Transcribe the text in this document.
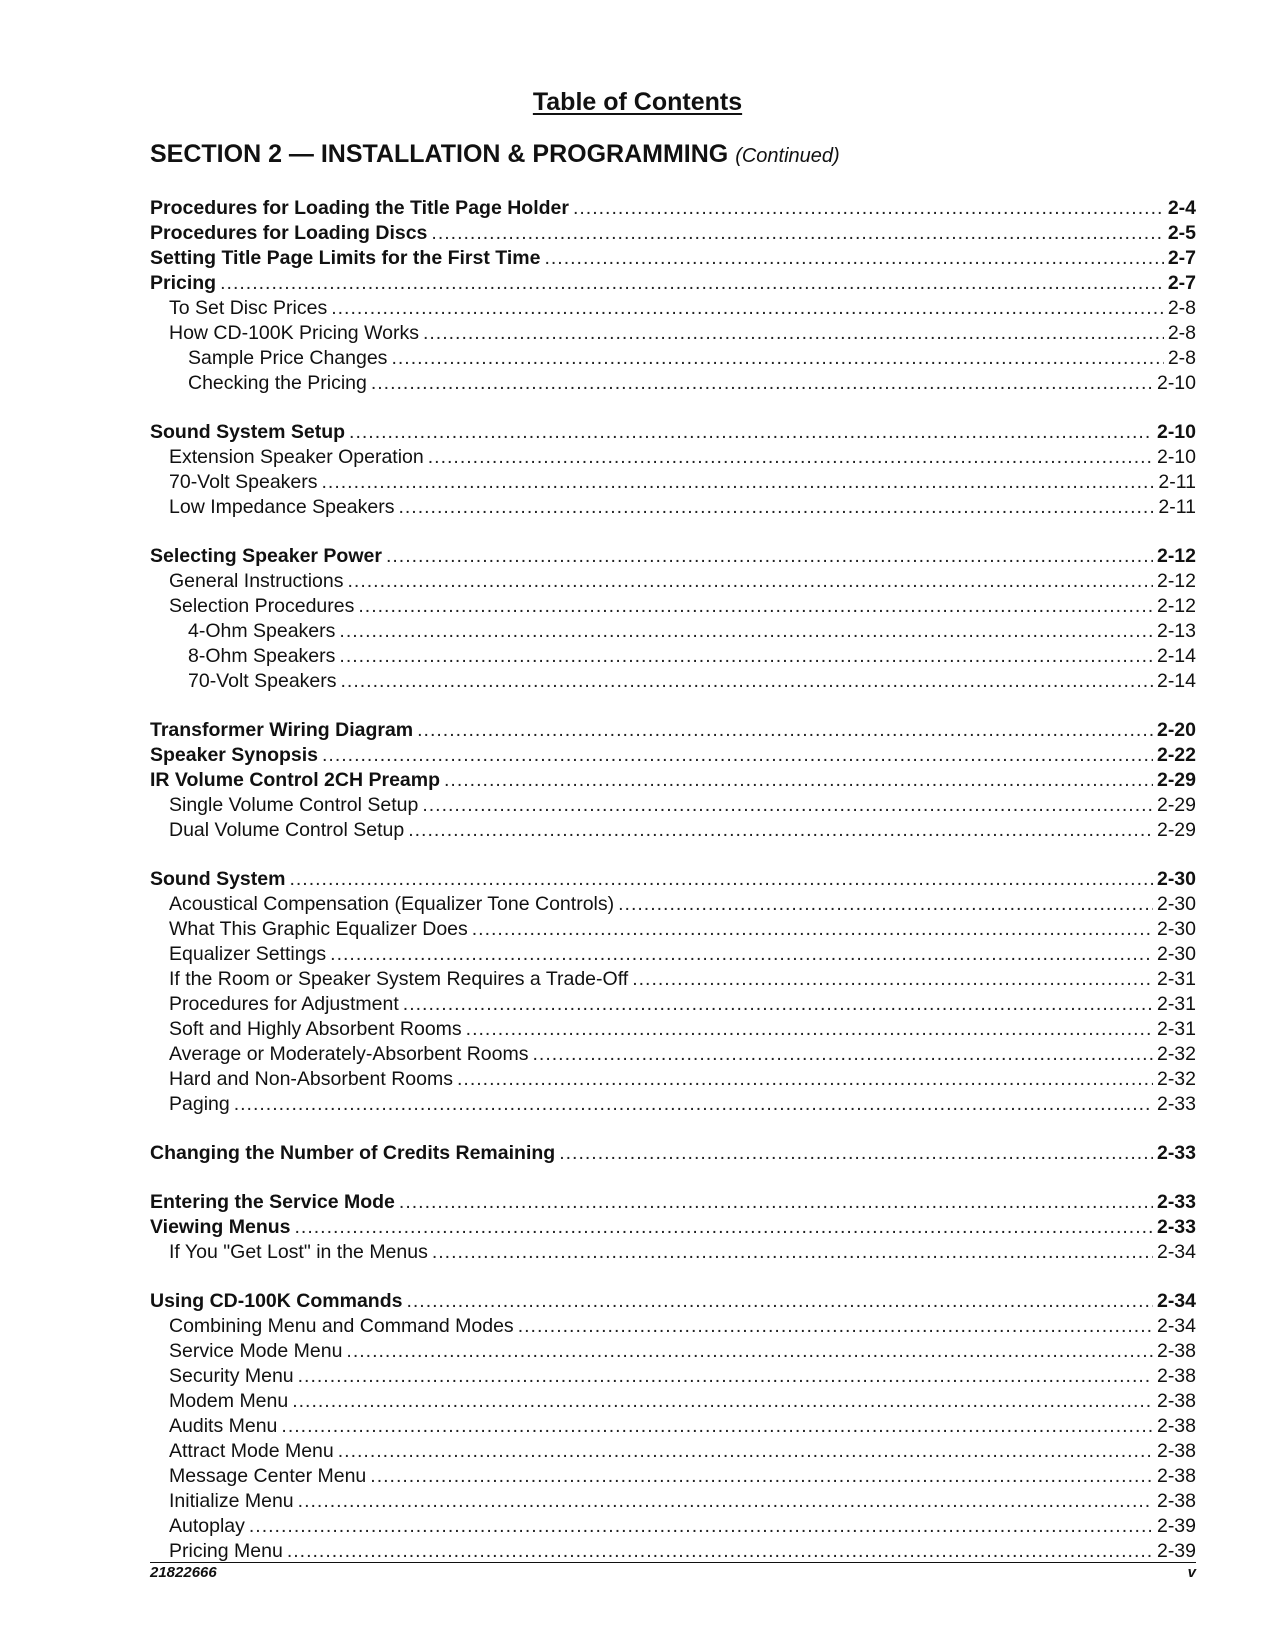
Table of Contents
SECTION 2 — INSTALLATION & PROGRAMMING (Continued)
Procedures for Loading the Title Page Holder .....	2-4
Procedures for Loading Discs .....	2-5
Setting Title Page Limits for the First Time .....	2-7
Pricing .....	2-7
To Set Disc Prices .....	2-8
How CD-100K Pricing Works .....	2-8
Sample Price Changes .....	2-8
Checking the Pricing .....	2-10
Sound System Setup .....	2-10
Extension Speaker Operation .....	2-10
70-Volt Speakers .....	2-11
Low Impedance Speakers .....	2-11
Selecting Speaker Power .....	2-12
General Instructions .....	2-12
Selection Procedures .....	2-12
4-Ohm Speakers .....	2-13
8-Ohm Speakers .....	2-14
70-Volt Speakers .....	2-14
Transformer Wiring Diagram .....	2-20
Speaker Synopsis .....	2-22
IR Volume Control 2CH Preamp .....	2-29
Single Volume Control Setup .....	2-29
Dual Volume Control Setup .....	2-29
Sound System .....	2-30
Acoustical Compensation (Equalizer Tone Controls) .....	2-30
What This Graphic Equalizer Does .....	2-30
Equalizer Settings .....	2-30
If the Room or Speaker System Requires a Trade-Off .....	2-31
Procedures for Adjustment .....	2-31
Soft and Highly Absorbent Rooms .....	2-31
Average or Moderately-Absorbent Rooms .....	2-32
Hard and Non-Absorbent Rooms .....	2-32
Paging .....	2-33
Changing the Number of Credits Remaining .....	2-33
Entering the Service Mode .....	2-33
Viewing Menus .....	2-33
If You "Get Lost" in the Menus .....	2-34
Using CD-100K Commands .....	2-34
Combining Menu and Command Modes .....	2-34
Service Mode Menu .....	2-38
Security Menu .....	2-38
Modem Menu .....	2-38
Audits Menu .....	2-38
Attract Mode Menu .....	2-38
Message Center Menu .....	2-38
Initialize Menu .....	2-38
Autoplay .....	2-39
Pricing Menu .....	2-39
21822666	v
